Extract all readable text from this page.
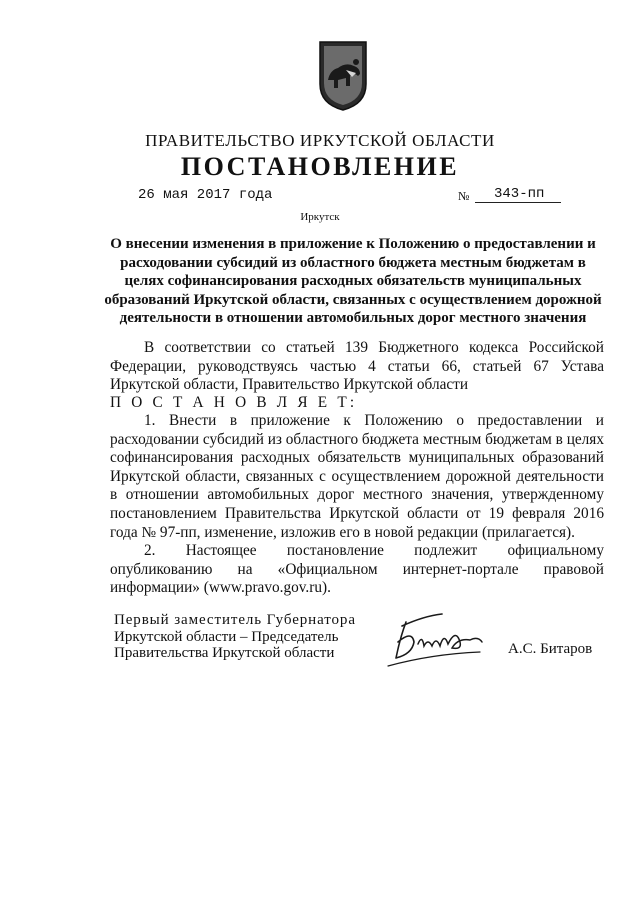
ПРАВИТЕЛЬСТВО ИРКУТСКОЙ ОБЛАСТИ
ПОСТАНОВЛЕНИЕ
26 мая 2017 года	№ 343-пп
Иркутск
О внесении изменения в приложение к Положению о предоставлении и расходовании субсидий из областного бюджета местным бюджетам в целях софинансирования расходных обязательств муниципальных образований Иркутской области, связанных с осуществлением дорожной деятельности в отношении автомобильных дорог местного значения

В соответствии со статьей 139 Бюджетного кодекса Российской Федерации, руководствуясь частью 4 статьи 66, статьей 67 Устава Иркутской области, Правительство Иркутской области

П О С Т А Н О В Л Я Е Т:

1. Внести в приложение к Положению о предоставлении и расходовании субсидий из областного бюджета местным бюджетам в целях софинансирования расходных обязательств муниципальных образований Иркутской области, связанных с осуществлением дорожной деятельности в отношении автомобильных дорог местного значения, утвержденному постановлением Правительства Иркутской области от 19 февраля 2016 года № 97-пп, изменение, изложив его в новой редакции (прилагается).

2. Настоящее постановление подлежит официальному опубликованию на «Официальном интернет-портале правовой информации» (www.pravo.gov.ru).

Первый заместитель Губернатора
Иркутской области – Председатель
Правительства Иркутской области	А.С. Битаров
